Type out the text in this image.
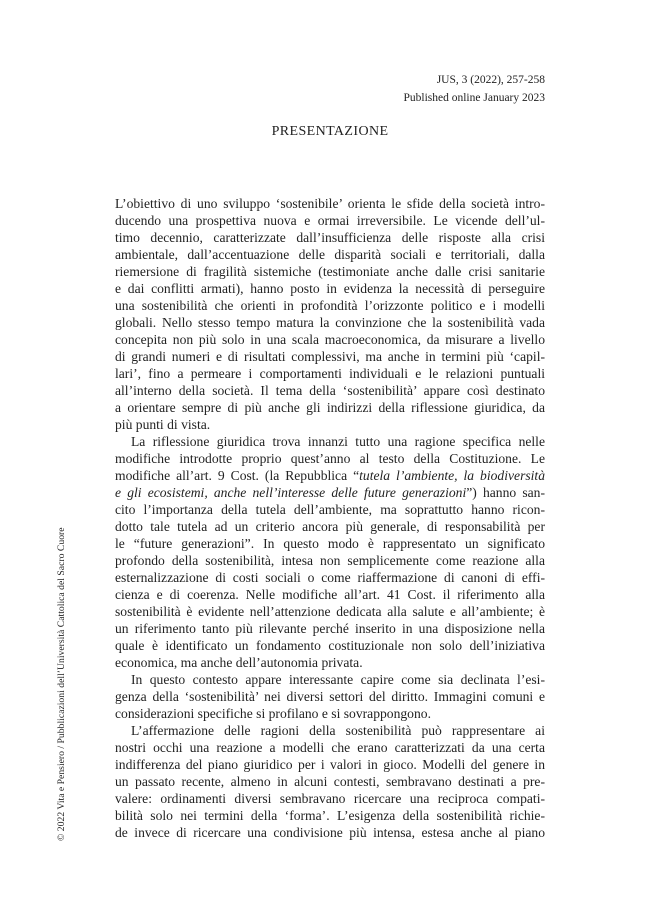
JUS, 3 (2022), 257-258
Published online January 2023
PRESENTAZIONE
L’obiettivo di uno sviluppo ‘sostenibile’ orienta le sfide della società intro-
ducendo una prospettiva nuova e ormai irreversibile. Le vicende dell’ul-
timo decennio, caratterizzate dall’insufficienza delle risposte alla crisi
ambientale, dall’accentuazione delle disparità sociali e territoriali, dalla
riemersione di fragilità sistemiche (testimoniate anche dalle crisi sanitarie
e dai conflitti armati), hanno posto in evidenza la necessità di perseguire
una sostenibilità che orienti in profondità l’orizzonte politico e i modelli
globali. Nello stesso tempo matura la convinzione che la sostenibilità vada
concepita non più solo in una scala macroeconomica, da misurare a livello
di grandi numeri e di risultati complessivi, ma anche in termini più ‘capil-
lari’, fino a permeare i comportamenti individuali e le relazioni puntuali
all’interno della società. Il tema della ‘sostenibilità’ appare così destinato
a orientare sempre di più anche gli indirizzi della riflessione giuridica, da
più punti di vista.
La riflessione giuridica trova innanzi tutto una ragione specifica nelle
modifiche introdotte proprio quest’anno al testo della Costituzione. Le
modifiche all’art. 9 Cost. (la Repubblica “tutela l’ambiente, la biodiversità
e gli ecosistemi, anche nell’interesse delle future generazioni”) hanno san-
cito l’importanza della tutela dell’ambiente, ma soprattutto hanno ricon-
dotto tale tutela ad un criterio ancora più generale, di responsabilità per
le “future generazioni”. In questo modo è rappresentato un significato
profondo della sostenibilità, intesa non semplicemente come reazione alla
esternalizzazione di costi sociali o come riaffermazione di canoni di effi-
cienza e di coerenza. Nelle modifiche all’art. 41 Cost. il riferimento alla
sostenibilità è evidente nell’attenzione dedicata alla salute e all’ambiente; è
un riferimento tanto più rilevante perché inserito in una disposizione nella
quale è identificato un fondamento costituzionale non solo dell’iniziativa
economica, ma anche dell’autonomia privata.
In questo contesto appare interessante capire come sia declinata l’esi-
genza della ‘sostenibilità’ nei diversi settori del diritto. Immagini comuni e
considerazioni specifiche si profilano e si sovrappongono.
L’affermazione delle ragioni della sostenibilità può rappresentare ai
nostri occhi una reazione a modelli che erano caratterizzati da una certa
indifferenza del piano giuridico per i valori in gioco. Modelli del genere in
un passato recente, almeno in alcuni contesti, sembravano destinati a pre-
valere: ordinamenti diversi sembravano ricercare una reciproca compati-
bilità solo nei termini della ‘forma’. L’esigenza della sostenibilità richie-
de invece di ricercare una condivisione più intensa, estesa anche al piano
© 2022 Vita e Pensiero / Pubblicazioni dell’Università Cattolica del Sacro Cuore
